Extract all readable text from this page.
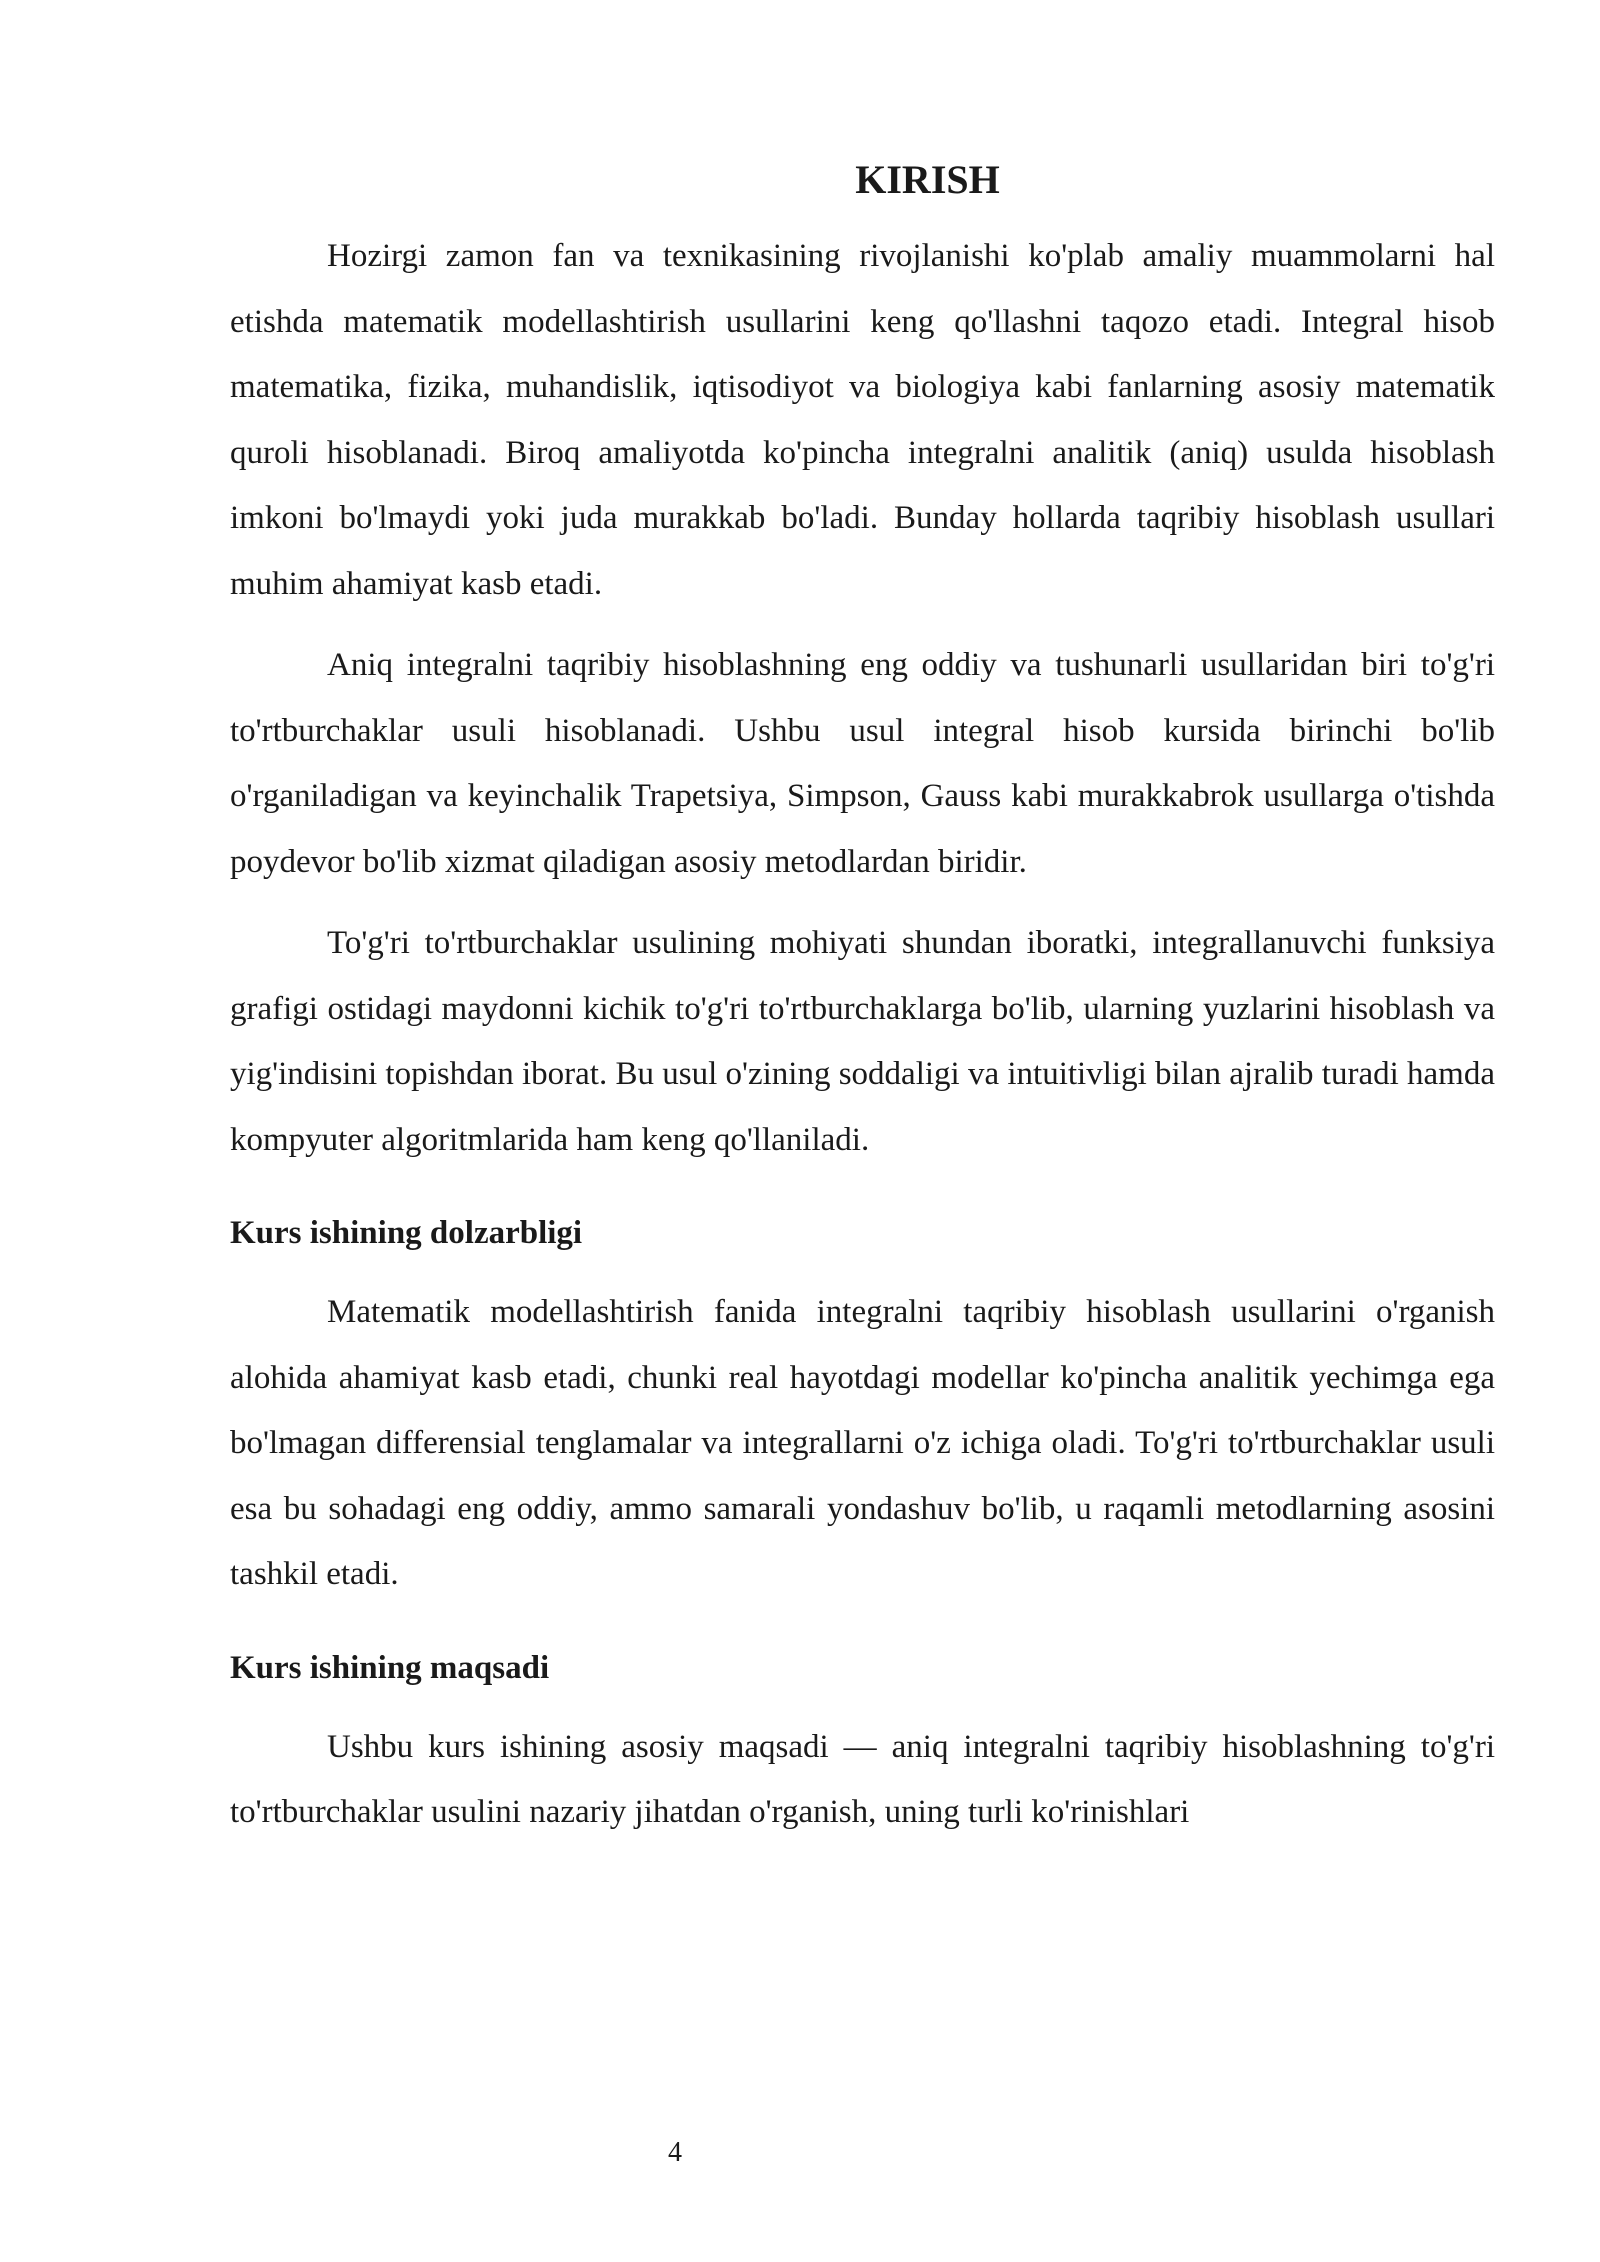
KIRISH

Hozirgi zamon fan va texnikasining rivojlanishi ko'plab amaliy muammolarni hal etishda matematik modellashtirish usullarini keng qo'llashni taqozo etadi. Integral hisob matematika, fizika, muhandislik, iqtisodiyot va biologiya kabi fanlarning asosiy matematik quroli hisoblanadi. Biroq amaliyotda ko'pincha integralni analitik (aniq) usulda hisoblash imkoni bo'lmaydi yoki juda murakkab bo'ladi. Bunday hollarda taqribiy hisoblash usullari muhim ahamiyat kasb etadi.

Aniq integralni taqribiy hisoblashning eng oddiy va tushunarli usullaridan biri to'g'ri to'rtburchaklar usuli hisoblanadi. Ushbu usul integral hisob kursida birinchi bo'lib o'rganiladigan va keyinchalik Trapetsiya, Simpson, Gauss kabi murakkabrok usullarga o'tishda poydevor bo'lib xizmat qiladigan asosiy metodlardan biridir.

To'g'ri to'rtburchaklar usulining mohiyati shundan iboratki, integrallanuvchi funksiya grafigi ostidagi maydonni kichik to'g'ri to'rtburchaklarga bo'lib, ularning yuzlarini hisoblash va yig'indisini topishdan iborat. Bu usul o'zining soddaligi va intuitivligi bilan ajralib turadi hamda kompyuter algoritmlarida ham keng qo'llaniladi.

Kurs ishining dolzarbligi

Matematik modellashtirish fanida integralni taqribiy hisoblash usullarini o'rganish alohida ahamiyat kasb etadi, chunki real hayotdagi modellar ko'pincha analitik yechimga ega bo'lmagan differensial tenglamalar va integrallarni o'z ichiga oladi. To'g'ri to'rtburchaklar usuli esa bu sohadagi eng oddiy, ammo samarali yondashuv bo'lib, u raqamli metodlarning asosini tashkil etadi.

Kurs ishining maqsadi

Ushbu kurs ishining asosiy maqsadi — aniq integralni taqribiy hisoblashning to'g'ri to'rtburchaklar usulini nazariy jihatdan o'rganish, uning turli ko'rinishlari

4
